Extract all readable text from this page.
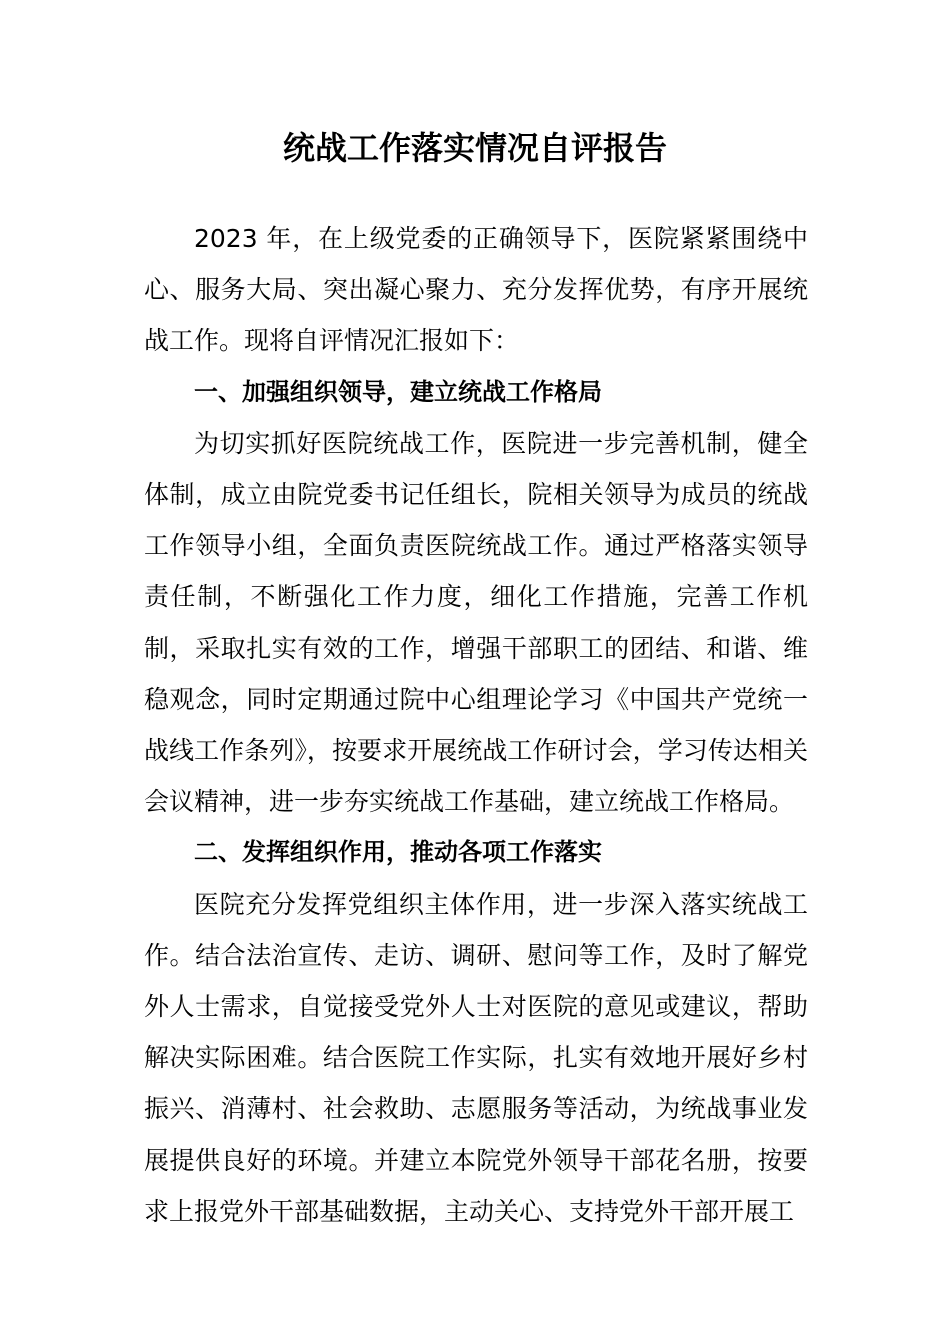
统战工作落实情况自评报告

2023 年，在上级党委的正确领导下，医院紧紧围绕中心、服务大局、突出凝心聚力、充分发挥优势，有序开展统战工作。现将自评情况汇报如下：

一、加强组织领导，建立统战工作格局

为切实抓好医院统战工作，医院进一步完善机制，健全体制，成立由院党委书记任组长，院相关领导为成员的统战工作领导小组，全面负责医院统战工作。通过严格落实领导责任制，不断强化工作力度，细化工作措施，完善工作机制，采取扎实有效的工作，增强干部职工的团结、和谐、维稳观念，同时定期通过院中心组理论学习《中国共产党统一战线工作条列》，按要求开展统战工作研讨会，学习传达相关会议精神，进一步夯实统战工作基础，建立统战工作格局。

二、发挥组织作用，推动各项工作落实

医院充分发挥党组织主体作用，进一步深入落实统战工作。结合法治宣传、走访、调研、慰问等工作，及时了解党外人士需求，自觉接受党外人士对医院的意见或建议，帮助解决实际困难。结合医院工作实际，扎实有效地开展好乡村振兴、消薄村、社会救助、志愿服务等活动，为统战事业发展提供良好的环境。并建立本院党外领导干部花名册，按要求上报党外干部基础数据，主动关心、支持党外干部开展工
